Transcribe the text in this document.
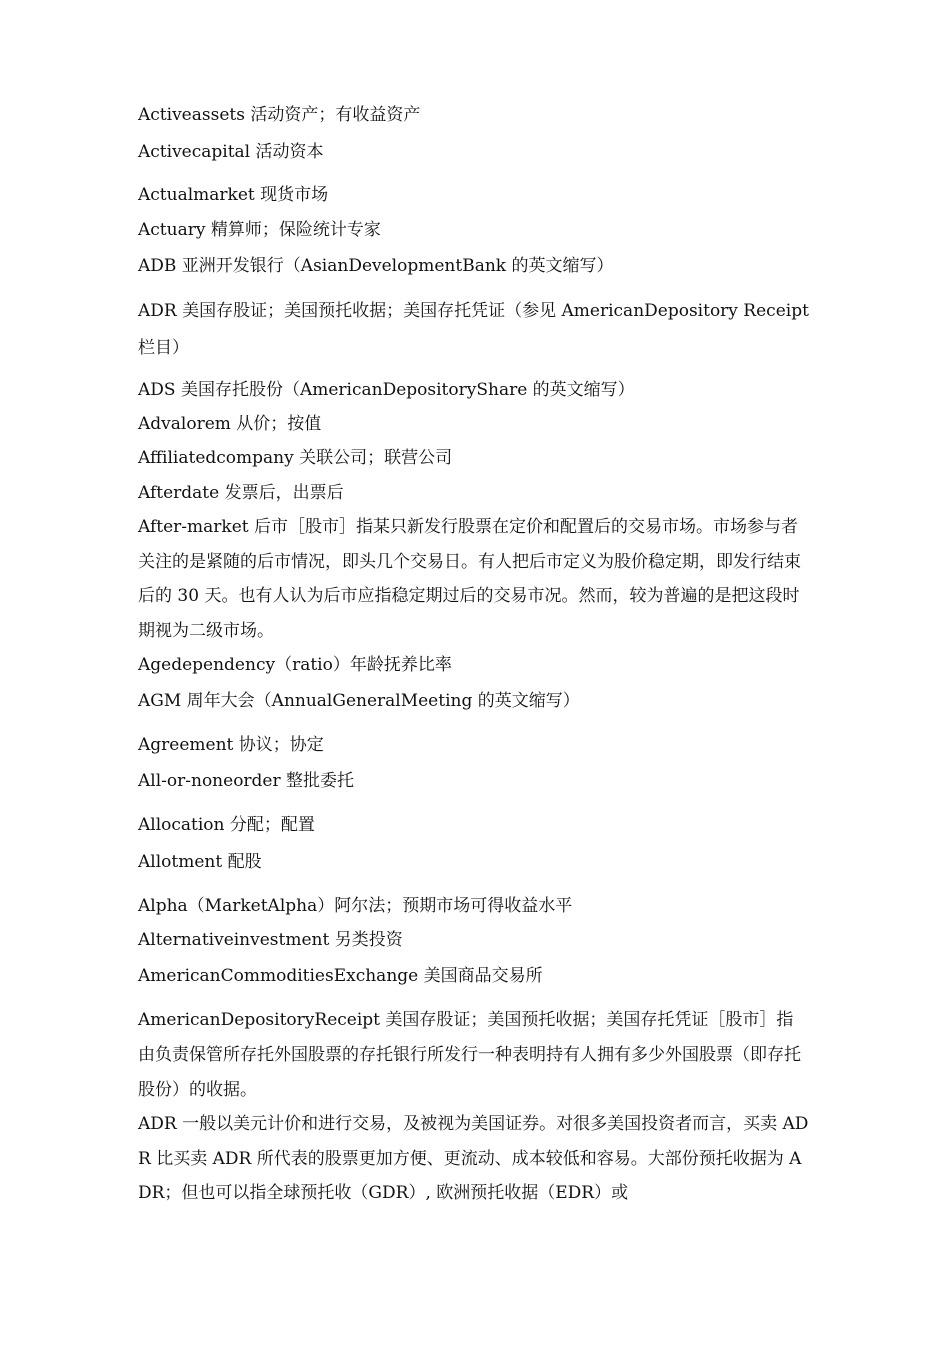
Activeassets 活动资产；有收益资产
Activecapital 活动资本
Actualmarket 现货市场
Actuary 精算师；保险统计专家
ADB 亚洲开发银行（AsianDevelopmentBank 的英文缩写）
ADR 美国存股证；美国预托收据；美国存托凭证（参见 AmericanDepository Receipt 栏目）
ADS 美国存托股份（AmericanDepositoryShare 的英文缩写）
Advalorem 从价；按值
Affiliatedcompany 关联公司；联营公司
Afterdate 发票后，出票后
After-market 后市［股市］指某只新发行股票在定价和配置后的交易市场。市场参与者关注的是紧随的后市情况，即头几个交易日。有人把后市定义为股价稳定期，即发行结束后的 30 天。也有人认为后市应指稳定期过后的交易市况。然而，较为普遍的是把这段时期视为二级市场。
Agedependency（ratio）年龄抚养比率
AGM 周年大会（AnnualGeneralMeeting 的英文缩写）
Agreement 协议；协定
All-or-noneorder 整批委托
Allocation 分配；配置
Allotment 配股
Alpha（MarketAlpha）阿尔法；预期市场可得收益水平
Alternativeinvestment 另类投资
AmericanCommoditiesExchange 美国商品交易所
AmericanDepositoryReceipt 美国存股证；美国预托收据；美国存托凭证［股市］指由负责保管所存托外国股票的存托银行所发行一种表明持有人拥有多少外国股票（即存托股份）的收据。
ADR 一般以美元计价和进行交易，及被视为美国证券。对很多美国投资者而言，买卖 ADR 比买卖 ADR 所代表的股票更加方便、更流动、成本较低和容易。大部份预托收据为 ADR；但也可以指全球预托收（GDR）, 欧洲预托收据（EDR）或
